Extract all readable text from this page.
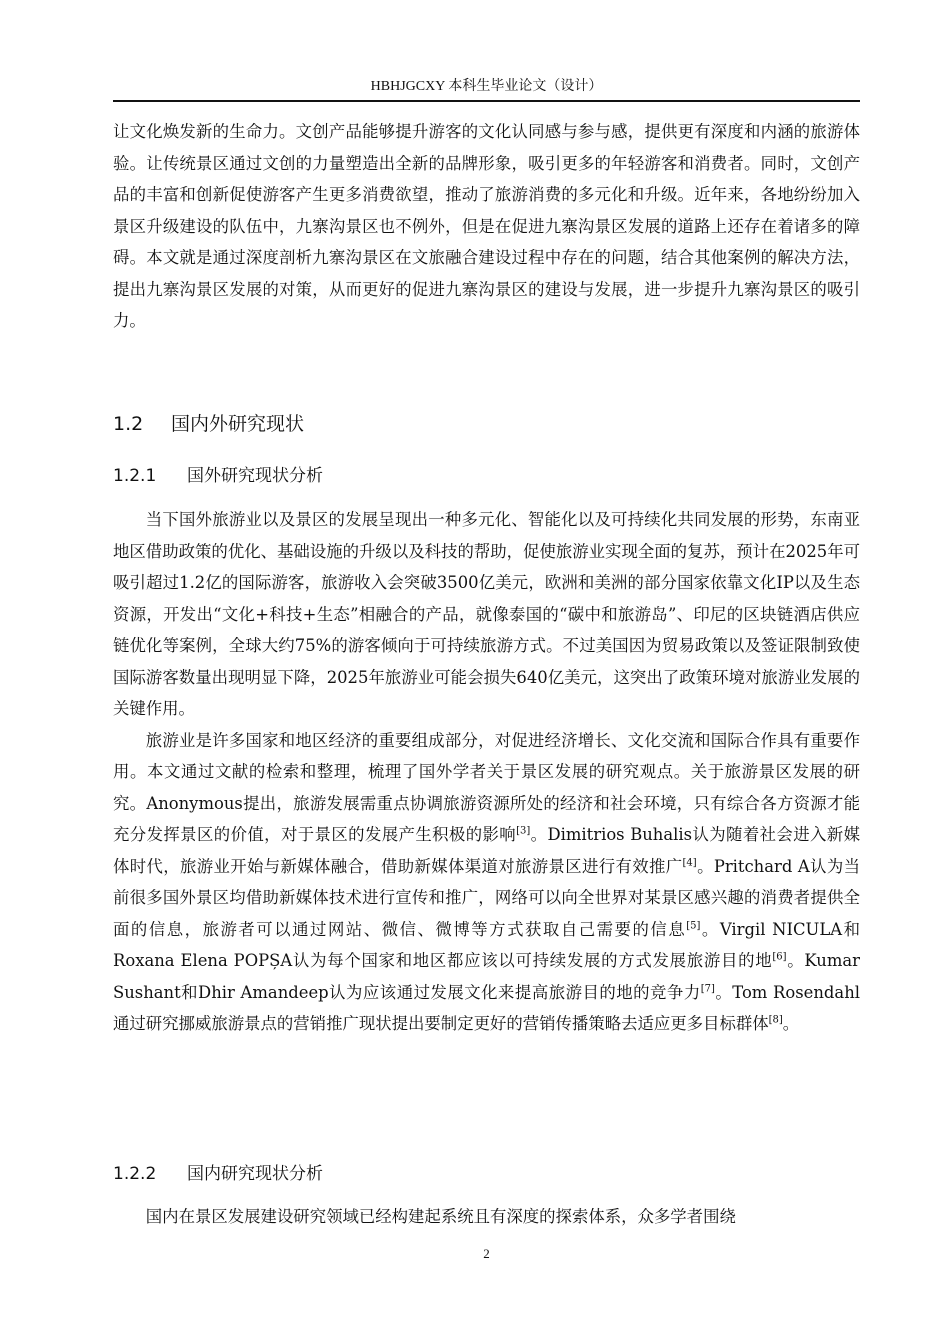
HBHJGCXY 本科生毕业论文（设计）

让文化焕发新的生命力。文创产品能够提升游客的文化认同感与参与感，提供更有深度和内涵的旅游体验。让传统景区通过文创的力量塑造出全新的品牌形象，吸引更多的年轻游客和消费者。同时，文创产品的丰富和创新促使游客产生更多消费欲望，推动了旅游消费的多元化和升级。近年来，各地纷纷加入景区升级建设的队伍中，九寨沟景区也不例外，但是在促进九寨沟景区发展的道路上还存在着诸多的障碍。本文就是通过深度剖析九寨沟景区在文旅融合建设过程中存在的问题，结合其他案例的解决方法，提出九寨沟景区发展的对策，从而更好的促进九寨沟景区的建设与发展，进一步提升九寨沟景区的吸引力。

1.2 国内外研究现状
1.2.1 国外研究现状分析

当下国外旅游业以及景区的发展呈现出一种多元化、智能化以及可持续化共同发展的形势，东南亚地区借助政策的优化、基础设施的升级以及科技的帮助，促使旅游业实现全面的复苏，预计在2025年可吸引超过1.2亿的国际游客，旅游收入会突破3500亿美元，欧洲和美洲的部分国家依靠文化IP以及生态资源，开发出“文化+科技+生态”相融合的产品，就像泰国的“碳中和旅游岛”、印尼的区块链酒店供应链优化等案例，全球大约75%的游客倾向于可持续旅游方式。不过美国因为贸易政策以及签证限制致使国际游客数量出现明显下降，2025年旅游业可能会损失640亿美元，这突出了政策环境对旅游业发展的关键作用。

旅游业是许多国家和地区经济的重要组成部分，对促进经济增长、文化交流和国际合作具有重要作用。本文通过文献的检索和整理，梳理了国外学者关于景区发展的研究观点。关于旅游景区发展的研究。Anonymous提出，旅游发展需重点协调旅游资源所处的经济和社会环境，只有综合各方资源才能充分发挥景区的价值，对于景区的发展产生积极的影响[3]。Dimitrios Buhalis认为随着社会进入新媒体时代，旅游业开始与新媒体融合，借助新媒体渠道对旅游景区进行有效推广[4]。Pritchard A认为当前很多国外景区均借助新媒体技术进行宣传和推广，网络可以向全世界对某景区感兴趣的消费者提供全面的信息，旅游者可以通过网站、微信、微博等方式获取自己需要的信息[5]。Virgil NICULA和 Roxana Elena POPȘA认为每个国家和地区都应该以可持续发展的方式发展旅游目的地[6]。Kumar Sushant和Dhir Amandeep认为应该通过发展文化来提高旅游目的地的竞争力[7]。Tom Rosendahl通过研究挪威旅游景点的营销推广现状提出要制定更好的营销传播策略去适应更多目标群体[8]。

1.2.2 国内研究现状分析

国内在景区发展建设研究领域已经构建起系统且有深度的探索体系，众多学者围绕

2
